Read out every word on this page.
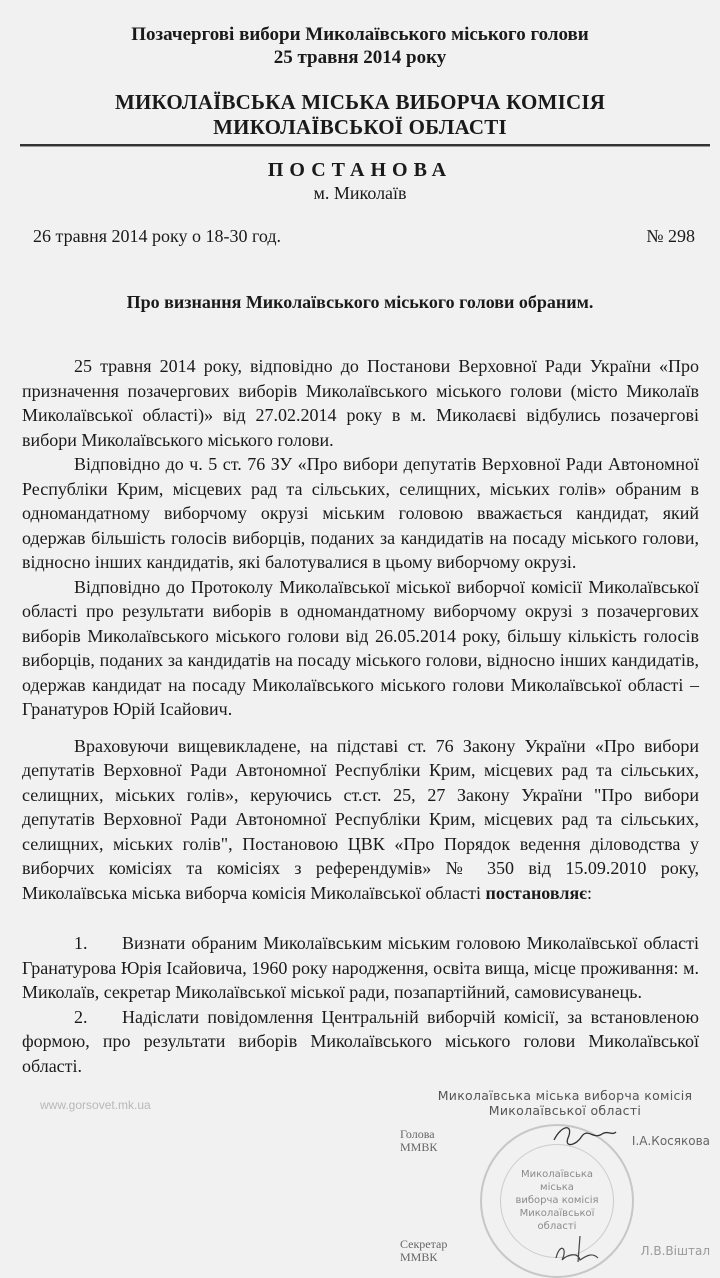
Позачергові вибори Миколаївського міського голови
25 травня 2014 року
МИКОЛАЇВСЬКА МІСЬКА ВИБОРЧА КОМІСІЯ
МИКОЛАЇВСЬКОЇ ОБЛАСТІ
ПОСТАНОВА
м. Миколаїв
26 травня 2014 року о 18-30 год.	№ 298
Про визнання Миколаївського міського голови обраним.

25 травня 2014 року, відповідно до Постанови Верховної Ради України «Про призначення позачергових виборів Миколаївського міського голови (місто Миколаїв Миколаївської області)» від 27.02.2014 року в м. Миколаєві відбулись позачергові вибори Миколаївського міського голови.

Відповідно до ч. 5 ст. 76 ЗУ «Про вибори депутатів Верховної Ради Автономної Республіки Крим, місцевих рад та сільських, селищних, міських голів» обраним в одномандатному виборчому окрузі міським головою вважається кандидат, який одержав більшість голосів виборців, поданих за кандидатів на посаду міського голови, відносно інших кандидатів, які балотувалися в цьому виборчому окрузі.

Відповідно до Протоколу Миколаївської міської виборчої комісії Миколаївської області про результати виборів в одномандатному виборчому окрузі з позачергових виборів Миколаївського міського голови від 26.05.2014 року, більшу кількість голосів виборців, поданих за кандидатів на посаду міського голови, відносно інших кандидатів, одержав кандидат на посаду Миколаївського міського голови Миколаївської області – Гранатуров Юрій Ісайович.

Враховуючи вищевикладене, на підставі ст. 76 Закону України «Про вибори депутатів Верховної Ради Автономної Республіки Крим, місцевих рад та сільських, селищних, міських голів», керуючись ст.ст. 25, 27 Закону України "Про вибори депутатів Верховної Ради Автономної Республіки Крим, місцевих рад та сільських, селищних, міських голів", Постановою ЦВК «Про Порядок ведення діловодства у виборчих комісіях та комісіях з референдумів» № 350 від 15.09.2010 року, Миколаївська міська виборча комісія Миколаївської області постановляє:

1. Визнати обраним Миколаївським міським головою Миколаївської області Гранатурова Юрія Ісайовича, 1960 року народження, освіта вища, місце проживання: м. Миколаїв, секретар Миколаївської міської ради, позапартійний, самовисуванець.

2. Надіслати повідомлення Центральній виборчій комісії, за встановленою формою, про результати виборів Миколаївського міського голови Миколаївської області.

www.gorsovet.mk.ua
Миколаївська міська виборча комісія
Миколаївської області
Миколаївська
міська
виборча комісія
Миколаївської
області
Голова
ММВК	І.А.Косякова
Секретар
ММВК	Л.В.Віштал
